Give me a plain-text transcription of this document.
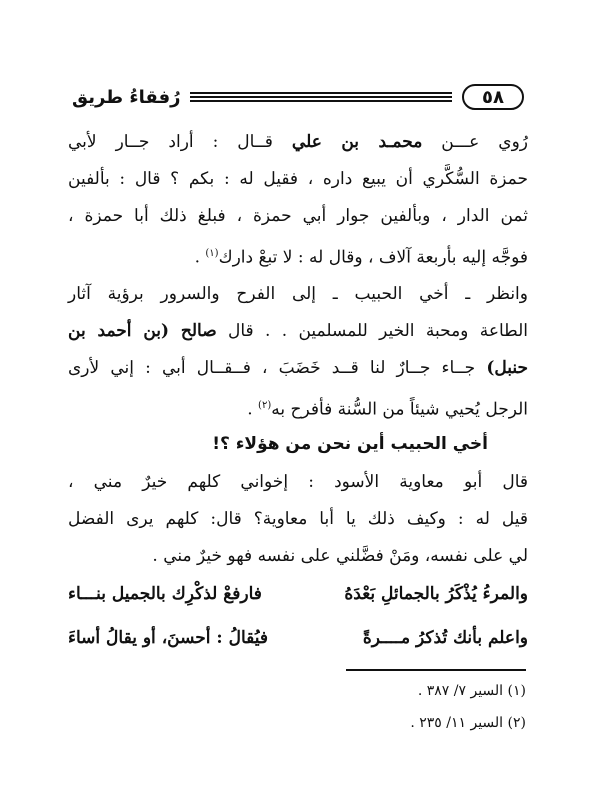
٥٨
رُفقاءُ طريق
رُوي عـــن محمـد بن علي قــال : أراد جــار لأبي
حمزة السُّكَّري أن يبيع داره ، فقيل له : بكم ؟ قال : بألفين
ثمن الدار ، وبألفين جوار أبي حمزة ، فبلغ ذلك أبا حمزة ،
فوجَّه إليه بأربعة آلاف ، وقال له : لا تبعْ دارك$^{(١)}$ .
وانظر ـ أخي الحبيب ـ إلى الفرح والسرور برؤية آثار
الطاعة ومحبة الخير للمسلمين . . قال صالح (بن أحمد بن
حنبل) جــاء جــارٌ لنا قــد خَضَبَ ، فــقــال أبي : إني لأرى
الرجل يُحيي شيئاً من السُّنة فأفرح به$^{(٢)}$ .
أخي الحبيب أين نحن من هؤلاء ؟!
قال أبو معاوية الأسود : إخواني كلهم خيرٌ مني ،
قيل له : وكيف ذلك يا أبا معاوية؟ قال: كلهم يرى الفضل
لي على نفسه، ومَنْ فضَّلني على نفسه فهو خيرٌ مني .
والمرءُ يُذْكَرُ بالجمائلِ بَعْدَهُ
فارفعْ لذكْرِك بالجميل بنـــاء
واعلم بأنك تُذكرُ مــــرةً
فيُقالُ : أحسنَ، أو يقالُ أساءَ
(١) السير ٧/ ٣٨٧ .
(٢) السير ١١/ ٢٣٥ .
